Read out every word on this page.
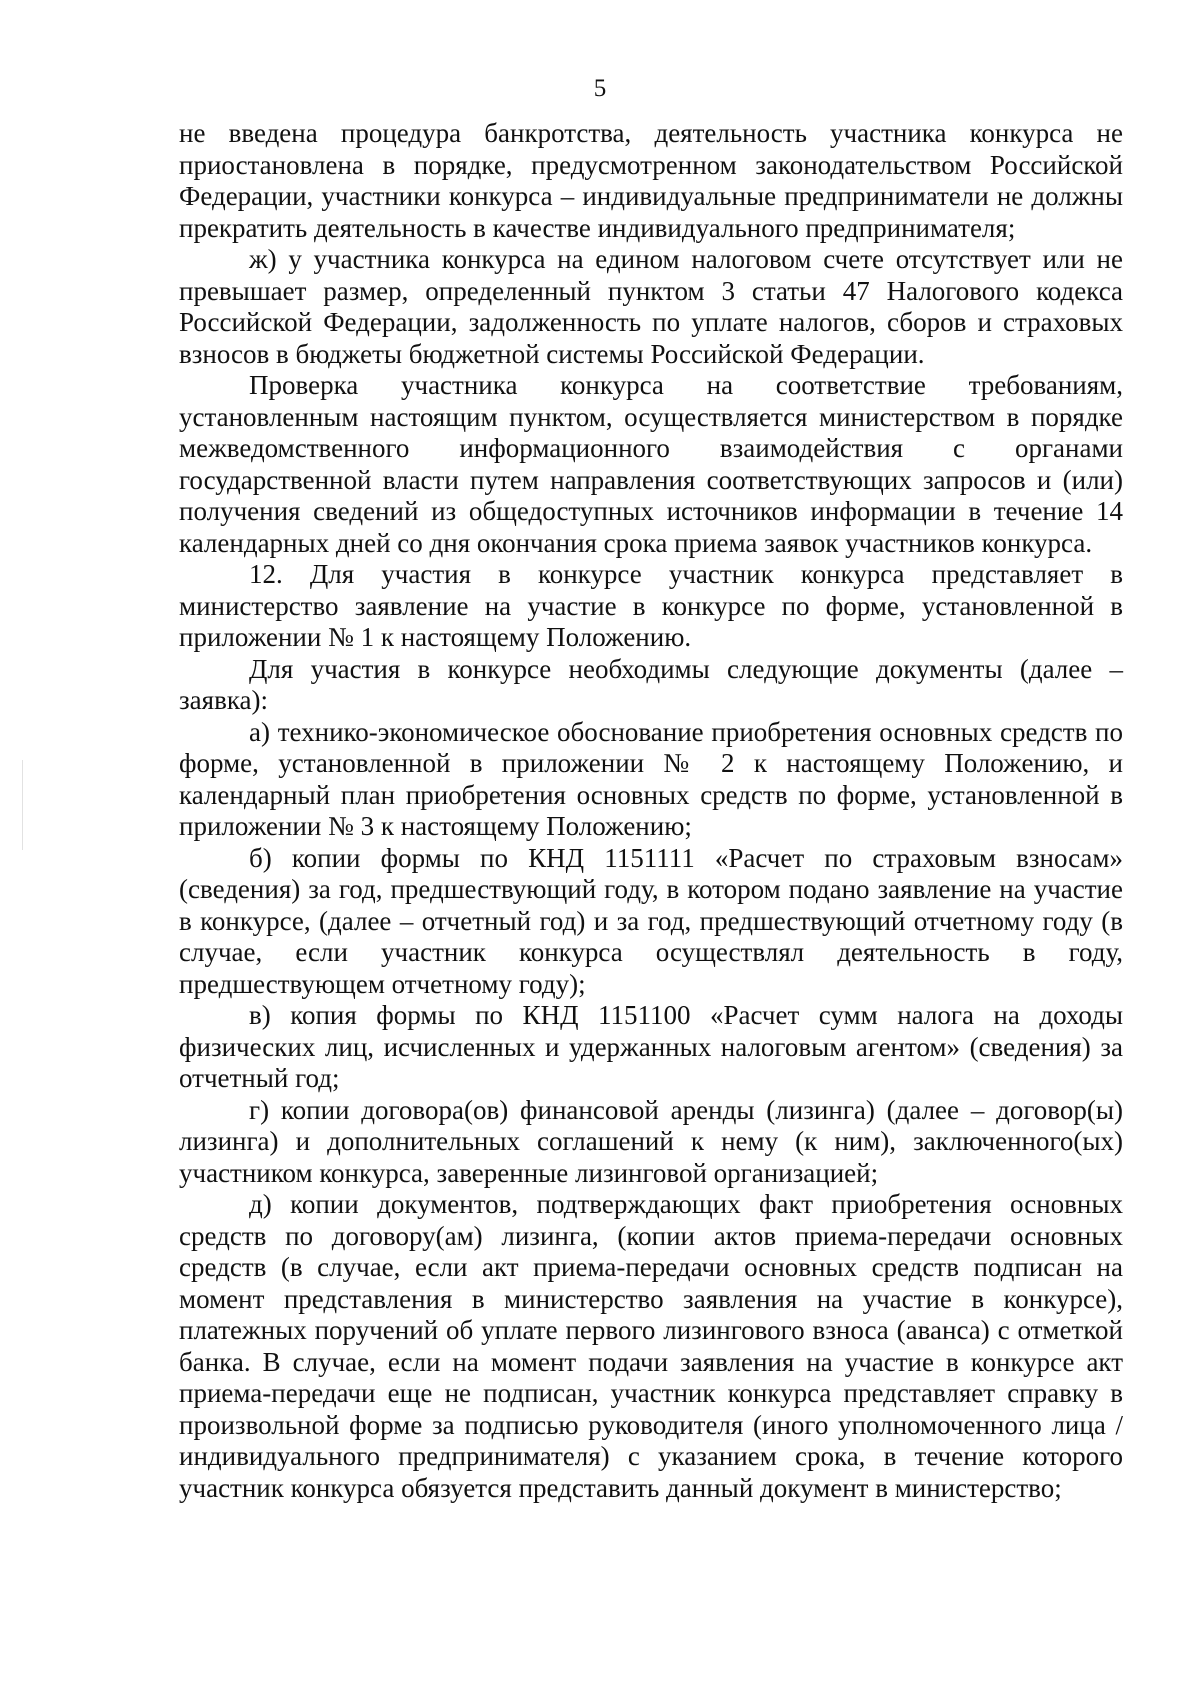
5

не введена процедура банкротства, деятельность участника конкурса не приостановлена в порядке, предусмотренном законодательством Российской Федерации, участники конкурса – индивидуальные предприниматели не должны прекратить деятельность в качестве индивидуального предпринимателя;

ж) у участника конкурса на едином налоговом счете отсутствует или не превышает размер, определенный пунктом 3 статьи 47 Налогового кодекса Российской Федерации, задолженность по уплате налогов, сборов и страховых взносов в бюджеты бюджетной системы Российской Федерации.

Проверка участника конкурса на соответствие требованиям, установленным настоящим пунктом, осуществляется министерством в порядке межведомственного информационного взаимодействия с органами государственной власти путем направления соответствующих запросов и (или) получения сведений из общедоступных источников информации в течение 14 календарных дней со дня окончания срока приема заявок участников конкурса.

12. Для участия в конкурсе участник конкурса представляет в министерство заявление на участие в конкурсе по форме, установленной в приложении № 1 к настоящему Положению.

Для участия в конкурсе необходимы следующие документы (далее – заявка):

а) технико-экономическое обоснование приобретения основных средств по форме, установленной в приложении № 2 к настоящему Положению, и календарный план приобретения основных средств по форме, установленной в приложении № 3 к настоящему Положению;

б) копии формы по КНД 1151111 «Расчет по страховым взносам» (сведения) за год, предшествующий году, в котором подано заявление на участие в конкурсе, (далее – отчетный год) и за год, предшествующий отчетному году (в случае, если участник конкурса осуществлял деятельность в году, предшествующем отчетному году);

в) копия формы по КНД 1151100 «Расчет сумм налога на доходы физических лиц, исчисленных и удержанных налоговым агентом» (сведения) за отчетный год;

г) копии договора(ов) финансовой аренды (лизинга) (далее – договор(ы) лизинга) и дополнительных соглашений к нему (к ним), заключенного(ых) участником конкурса, заверенные лизинговой организацией;

д) копии документов, подтверждающих факт приобретения основных средств по договору(ам) лизинга, (копии актов приема-передачи основных средств (в случае, если акт приема-передачи основных средств подписан на момент представления в министерство заявления на участие в конкурсе), платежных поручений об уплате первого лизингового взноса (аванса) с отметкой банка. В случае, если на момент подачи заявления на участие в конкурсе акт приема-передачи еще не подписан, участник конкурса представляет справку в произвольной форме за подписью руководителя (иного уполномоченного лица / индивидуального предпринимателя) с указанием срока, в течение которого участник конкурса обязуется представить данный документ в министерство;
